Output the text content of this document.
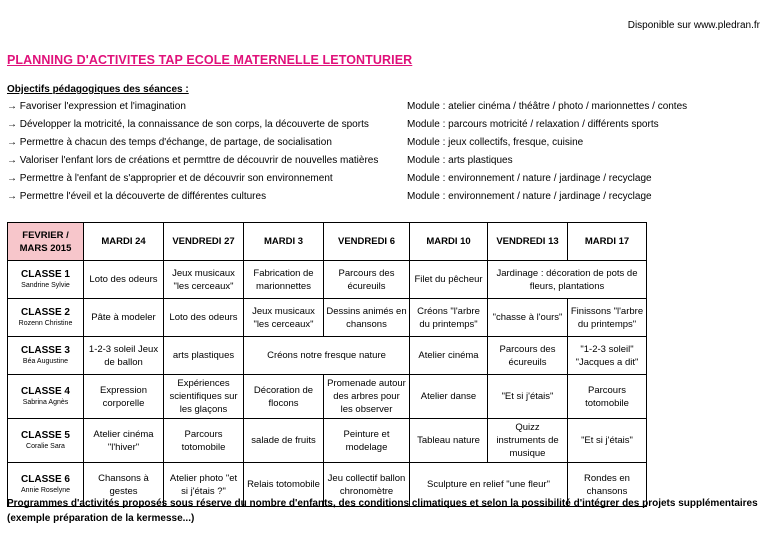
Disponible sur www.pledran.fr
PLANNING D'ACTIVITES TAP ECOLE MATERNELLE LETONTURIER
Objectifs pédagogiques des séances :
→ Favoriser l'expression et l'imagination	Module : atelier cinéma / théâtre / photo / marionnettes / contes
→ Développer la motricité, la connaissance de son corps, la découverte de sports	Module : parcours motricité / relaxation / différents sports
→ Permettre à chacun des temps d'échange, de partage, de socialisation	Module : jeux collectifs, fresque, cuisine
→ Valoriser l'enfant lors de créations et permttre de découvrir de nouvelles matières	Module : arts plastiques
→ Permettre à l'enfant de s'approprier et de découvrir son environnement	Module : environnement / nature / jardinage / recyclage
→ Permettre l'éveil et la découverte de différentes cultures	Module : environnement / nature / jardinage / recyclage
FEVRIER / MARS 2015	MARDI 24	VENDREDI 27	MARDI 3	VENDREDI 6	MARDI 10	VENDREDI 13	MARDI 17

CLASSE 1
Sandrine Sylvie	Loto des odeurs	Jeux musicaux "les cerceaux"	Fabrication de marionnettes	Parcours des écureuils	Filet du pêcheur	Jardinage : décoration de pots de fleurs, plantations	

CLASSE 2
Rozenn Christine	Pâte à modeler	Loto des odeurs	Jeux musicaux "les cerceaux"	Dessins animés en chansons	Créons "l'arbre du printemps"	"chasse à l'ours"	Finissons "l'arbre du printemps"

CLASSE 3
Béa Augustine	1-2-3 soleil Jeux de ballon	arts plastiques	Créons notre fresque nature		Atelier cinéma	Parcours des écureuils	"1-2-3 soleil" "Jacques a dit"

CLASSE 4
Sabrina Agnès	Expression corporelle	Expériences scientifiques sur les glaçons	Décoration de flocons	Promenade autour des arbres pour les observer	Atelier danse	"Et si j'étais"	Parcours totomobile

CLASSE 5
Coralie Sara	Atelier cinéma "l'hiver"	Parcours totomobile	salade de fruits	Peinture et modelage	Tableau nature	Quizz instruments de musique	"Et si j'étais"

CLASSE 6
Annie Roselyne	Chansons à gestes	Atelier photo "et si j'étais ?"	Relais totomobile	Jeu collectif ballon chronomètre	Sculpture en relief "une fleur"		Rondes en chansons
Programmes d'activités proposés sous réserve du nombre d'enfants, des conditions climatiques et selon la possibilité d'intégrer des projets supplémentaires (exemple préparation de la kermesse...)
